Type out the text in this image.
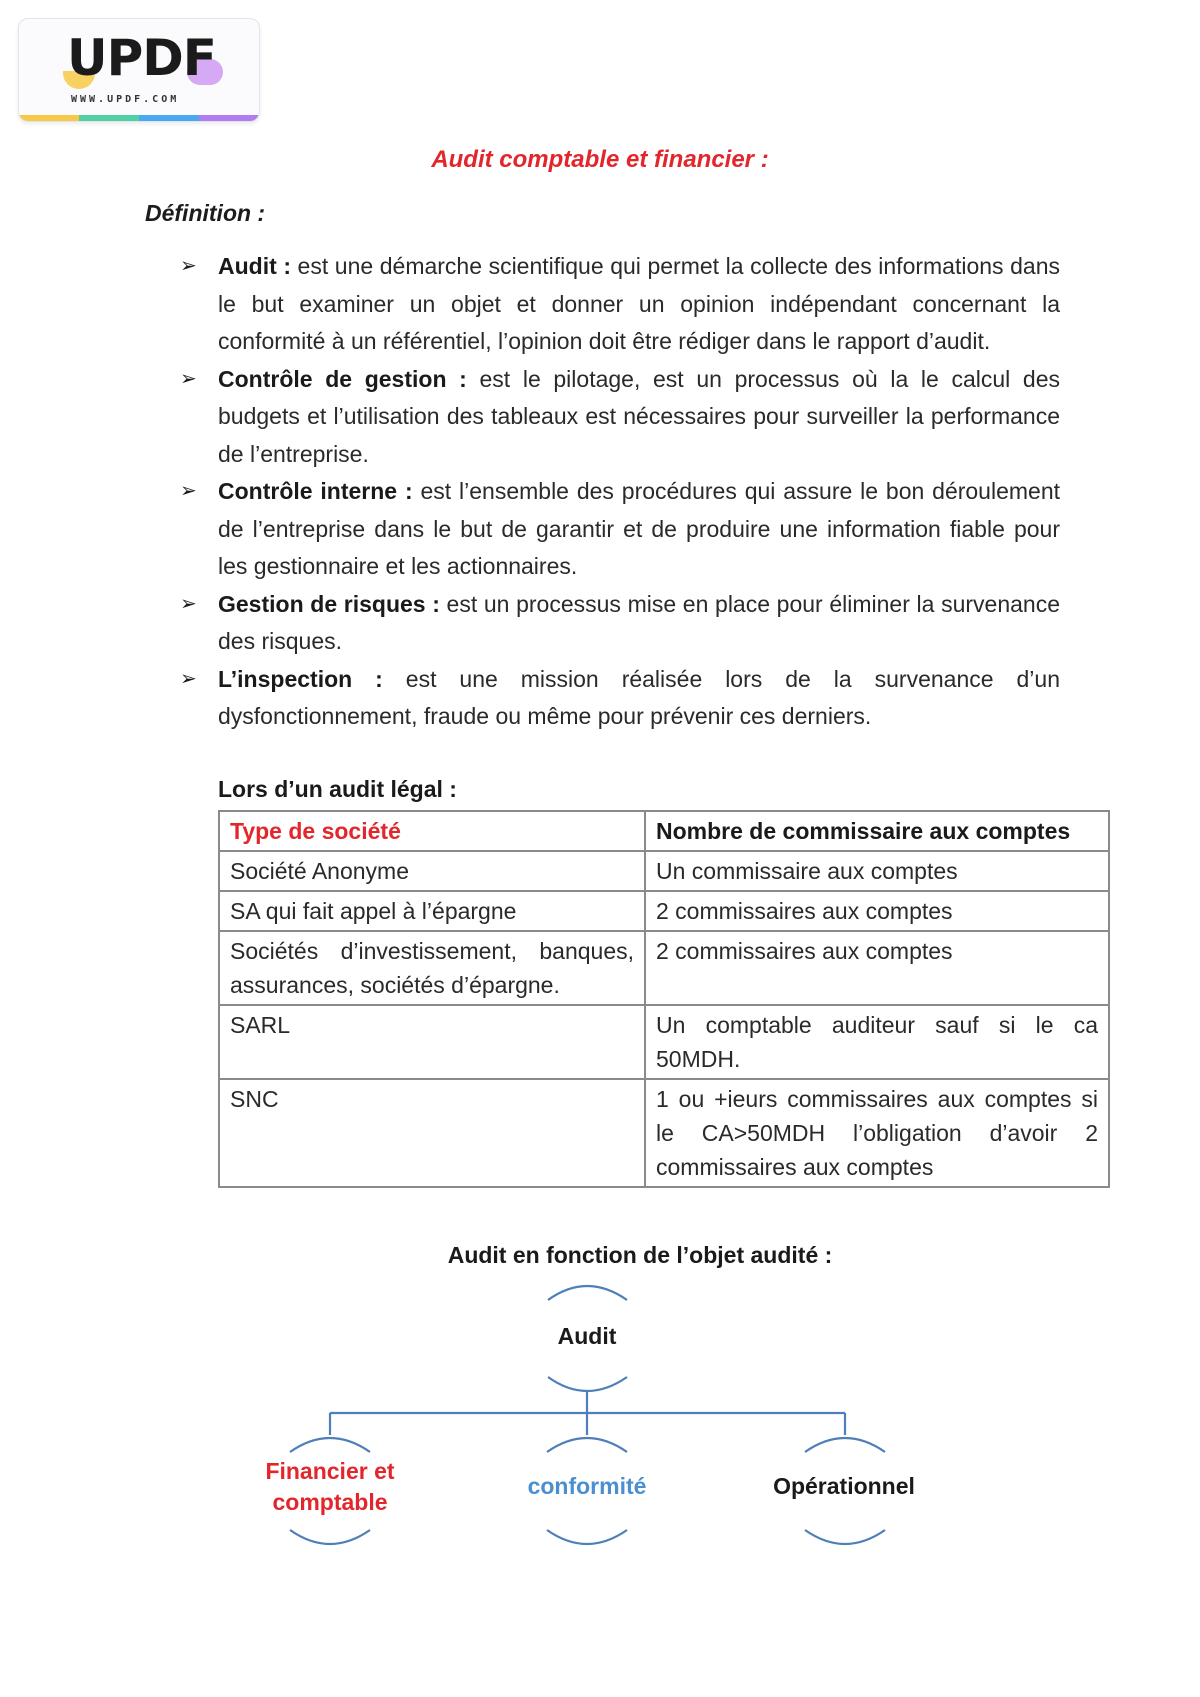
UPDF
WWW.UPDF.COM
Audit comptable et financier :
Définition :
➢ Audit : est une démarche scientifique qui permet la collecte des informations dans le but examiner un objet et donner un opinion indépendant concernant la conformité à un référentiel, l’opinion doit être rédiger dans le rapport d’audit.
➢ Contrôle de gestion : est le pilotage, est un processus où la le calcul des budgets et l’utilisation des tableaux est nécessaires pour surveiller la performance de l’entreprise.
➢ Contrôle interne : est l’ensemble des procédures qui assure le bon déroulement de l’entreprise dans le but de garantir et de produire une information fiable pour les gestionnaire et les actionnaires.
➢ Gestion de risques : est un processus mise en place pour éliminer la survenance des risques.
➢ L’inspection : est une mission réalisée lors de la survenance d’un dysfonctionnement, fraude ou même pour prévenir ces derniers.
Lors d’un audit légal :
Type de société	Nombre de commissaire aux comptes
Société Anonyme	Un commissaire aux comptes
SA qui fait appel à l’épargne	2 commissaires aux comptes
Sociétés d’investissement, banques, assurances, sociétés d’épargne.	2 commissaires aux comptes
SARL	Un comptable auditeur sauf si le ca 50MDH.
SNC	1 ou +ieurs commissaires aux comptes si le CA>50MDH l’obligation d’avoir 2 commissaires aux comptes
Audit en fonction de l’objet audité :
Audit
Financier et
comptable
conformité	Opérationnel
